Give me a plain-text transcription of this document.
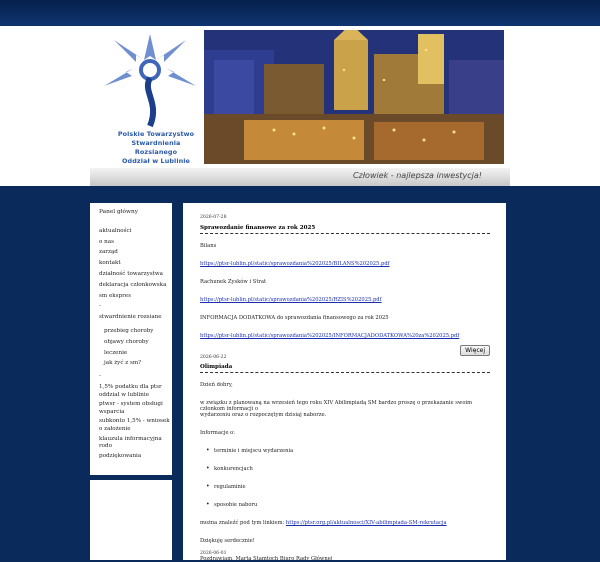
Polskie Towarzystwo
Stwardnienia Rozsianego
Oddział w Lublinie
Człowiek - najlepsza inwestycja!
Panel główny
aktualności
o nas
zarząd
kontakt
działność towarzystwa
deklaracja członkowska
sm ekspres
-
stwardnienie rozsiane
przebieg choroby
objawy choroby
leczenie
jak żyć z sm?
-
1,5% podatku dla ptsr oddział w lublinie
ptwsr - system obsługi wsparcia
subkonto 1,5% - wniosek o założenie
klauzula informacyjna rodo
podziękowania
2026-07-28
Sprawozdanie finansowe za rok 2025
Bilans
https://ptsr-lublin.pl/static/sprawozdania%202025/BILANS%202025.pdf
Rachunek Zysków i Strat
https://ptsr-lublin.pl/static/sprawozdania%202025/RZIS%202025.pdf
INFORMACJA DODATKOWA do sprawozdania finansowego za rok 2025
https://ptsr-lublin.pl/static/sprawozdania%202025/INFORMACJADODATKOWA%20za%202025.pdf
Więcej
2026-06-22
Olimpiada
Dzień dobry,
w związku z planowaną na wrzesień tego roku XIV Abilimpiadą SM bardzo proszę o przekazanie swoim członkom informacji o
wydarzeniu oraz o rozpoczętym dzisiaj naborze.
Informacje o:
• terminie i miejscu wydarzenia
• konkurencjach
• regulaminie
• sposobie naboru
można znaleźć pod tym linkiem: https://ptsr.org.pl/aktualnosci/XIV-abilimpiada-SM-rekrutacja
Dziękuję serdecznie!
Pozdrawiam, Marta Stamtoch Biuro Rady Głównej
2026-06-01
